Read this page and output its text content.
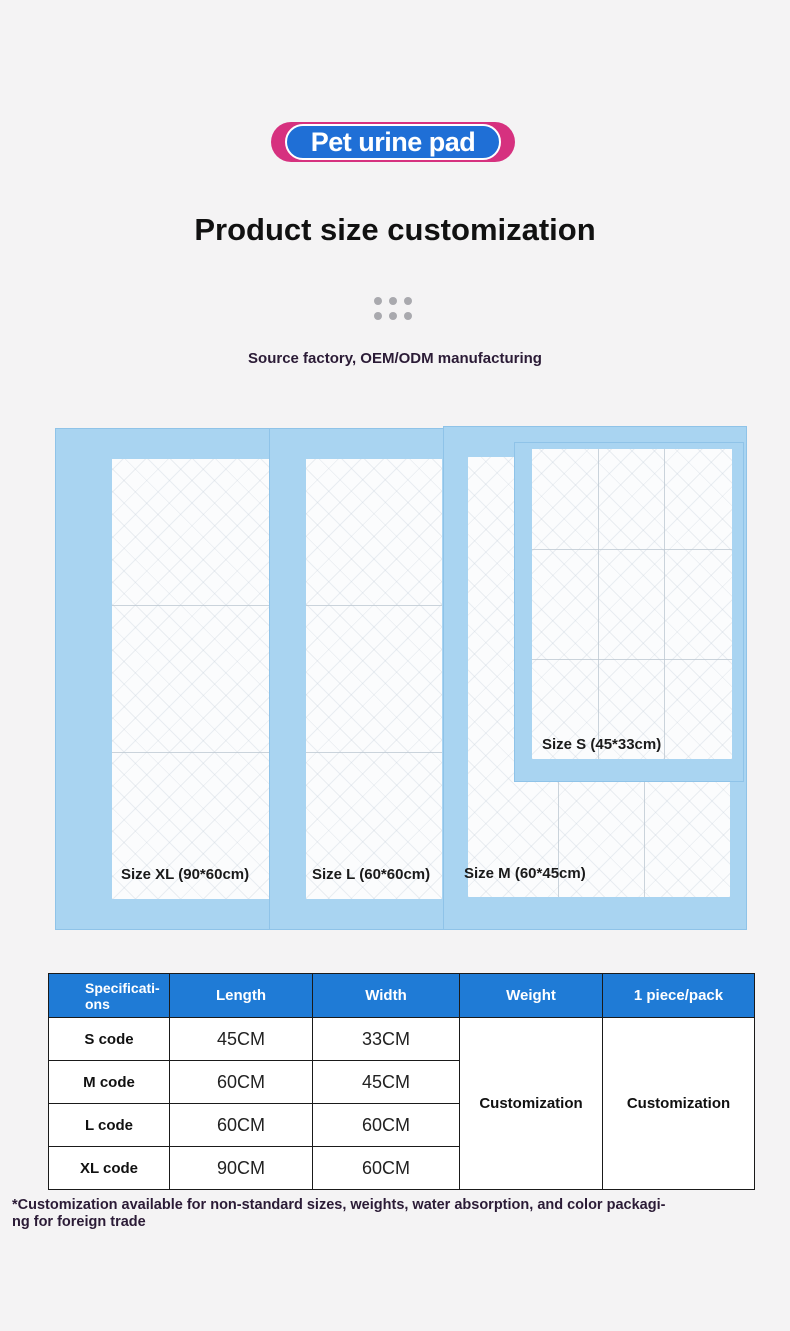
Pet urine pad
Product size customization
Source factory, OEM/ODM manufacturing
Size XL (90*60cm)	Size L (60*60cm) Size M (60*45cm)
Size S (45*33cm)
Specificati-
ons	Length	Width	Weight	1 piece/pack
S code	45CM	33CM	Customization	Customization
M code	60CM	45CM		
L code	60CM	60CM		
XL code	90CM	60CM		
*Customization available for non-standard sizes, weights, water absorption, and color packagi-ng for foreign trade
